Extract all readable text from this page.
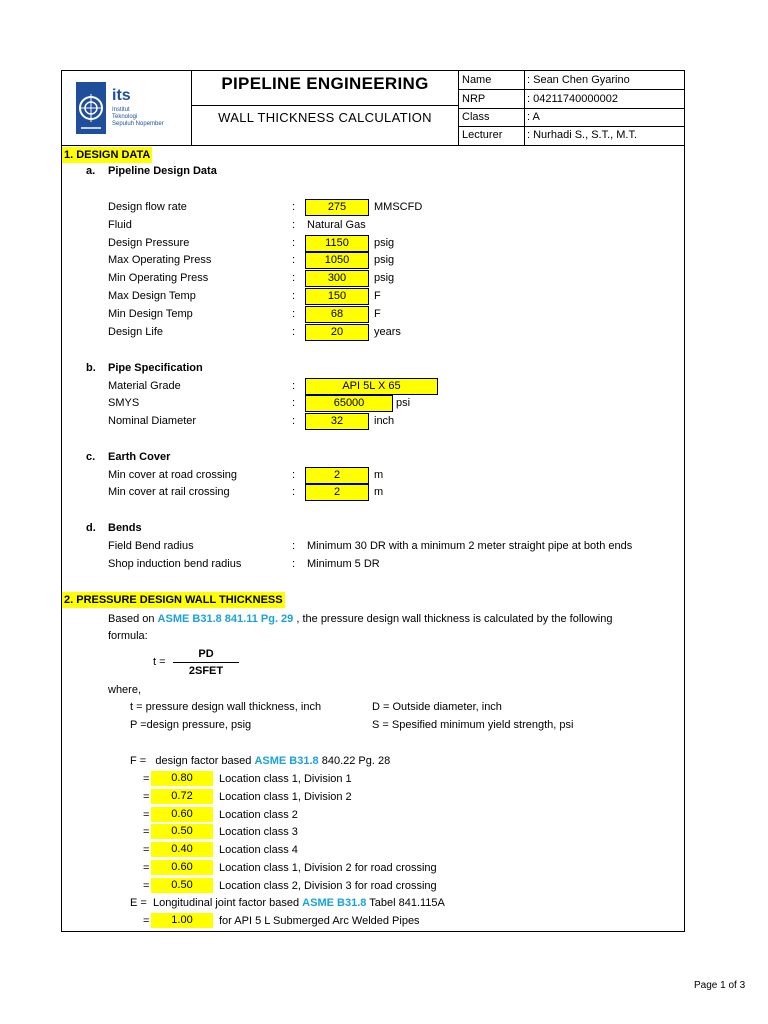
its
Institut
Teknologi
Sepuluh Nopember
PIPELINE ENGINEERING
WALL THICKNESS CALCULATION
Name	: Sean Chen Gyarino
NRP	: 04211740000002
Class	: A
Lecturer : Nurhadi S., S.T., M.T.
1. DESIGN DATA
a. Pipeline Design Data
Design flow rate	:	275	MMSCFD
Fluid	: Natural Gas
Design Pressure	:	1150	psig
Max Operating Press	:	1050	psig
Min Operating Press	:	300	psig
Max Design Temp	:	150	F
Min Design Temp	:	68	F
Design Life	:	20	years
b. Pipe Specification
Material Grade	:	API 5L X 65
SMYS	:	65000	psi
Nominal Diameter	:	32	inch
c. Earth Cover
Min cover at road crossing	:	2	m
Min cover at rail crossing	:	2	m
d. Bends
Field Bend radius	: Minimum 30 DR with a minimum 2 meter straight pipe at both ends
Shop induction bend radius	: Minimum 5 DR
2. PRESSURE DESIGN WALL THICKNESS
Based on ASME B31.8 841.11 Pg. 29 , the pressure design wall thickness is calculated by the following
formula:
t =
PD
2SFET
where,
t = pressure design wall thickness, inch	D = Outside diameter, inch
P =design pressure, psig	S = Spesified minimum yield strength, psi
F = design factor based ASME B31.8 840.22 Pg. 28
=	0.80	Location class 1, Division 1
=	0.72	Location class 1, Division 2
=	0.60	Location class 2
=	0.50	Location class 3
=	0.40	Location class 4
=	0.60	Location class 1, Division 2 for road crossing
=	0.50	Location class 2, Division 3 for road crossing
E = Longitudinal joint factor based ASME B31.8 Tabel 841.115A
=	1.00	for API 5 L Submerged Arc Welded Pipes
Page 1 of 3
